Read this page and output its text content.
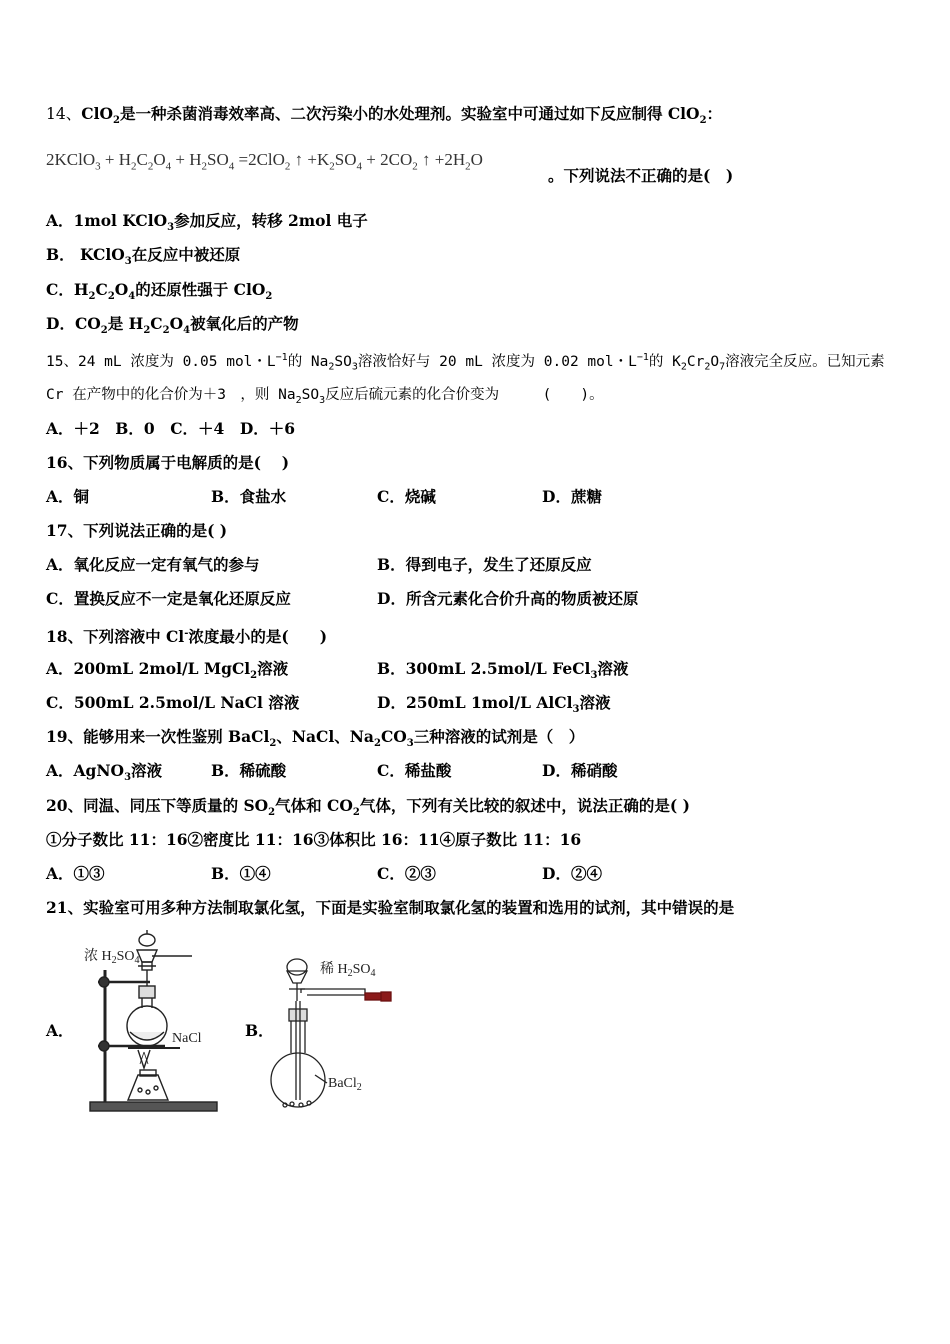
14、ClO$_2$是一种杀菌消毒效率高、二次污染小的水处理剂。实验室中可通过如下反应制得 ClO$_2$：
2KClO$_3$ + $H_2C_2O_4 + H_2SO_4 =2ClO_2$ ↑ $+K_2SO_4 + 2CO_2$ ↑ $+2H_2O$
。下列说法不正确的是(　)
A．1mol KClO$_3$参加反应，转移 2mol 电子
B． KClO$_3$在反应中被还原
C．$H_2C_2O_4$的还原性强于 ClO$_2$
D．$CO_2$是 $H_2C_2O_4$被氧化后的产物
15、24 mL 浓度为 0.05 mol・$L^{-1}$的 $Na_2SO_3$溶液恰好与 20 mL 浓度为 0.02 mol・$L^{-1}$的 $K_2Cr_2O_7$溶液完全反应。已知元素
Cr 在产物中的化合价为＋3　，则 $Na_2SO_3$反应后硫元素的化合价变为　　　(　　)。
A．＋2　B．0　C．＋4　D．＋6
16、下列物质属于电解质的是(　 )
A．铜	B．食盐水	C．烧碱	D．蔗糖
17、下列说法正确的是( )
A．氧化反应一定有氧气的参与	B．得到电子，发生了还原反应
C．置换反应不一定是氧化还原反应	D．所含元素化合价升高的物质被还原
18、下列溶液中 Cl-浓度最小的是(　　)
A．200mL 2mol/L MgCl$_2$溶液	B．300mL 2.5mol/L FeCl$_3$溶液
C．500mL 2.5mol/L NaCl 溶液	D．250mL 1mol/L AlCl$_3$溶液
19、能够用来一次性鉴别 BaCl$_2$、NaCl、$Na_2CO_3$三种溶液的试剂是（　）
A．AgNO$_3$溶液	B．稀硫酸	C．稀盐酸	D．稀硝酸
20、同温、同压下等质量的 $SO_2$气体和 $CO_2$气体，下列有关比较的叙述中，说法正确的是( )
①分子数比 11：16②密度比 11：16③体积比 16：11④原子数比 11：16
A．①③	B．①④	C．②③	D．②④
21、实验室可用多种方法制取氯化氢，下面是实验室制取氯化氢的装置和选用的试剂，其中错误的是
A．	B．
浓 $H_2SO_4$
NaCl
稀 $H_2SO_4$
BaCl$_2$
